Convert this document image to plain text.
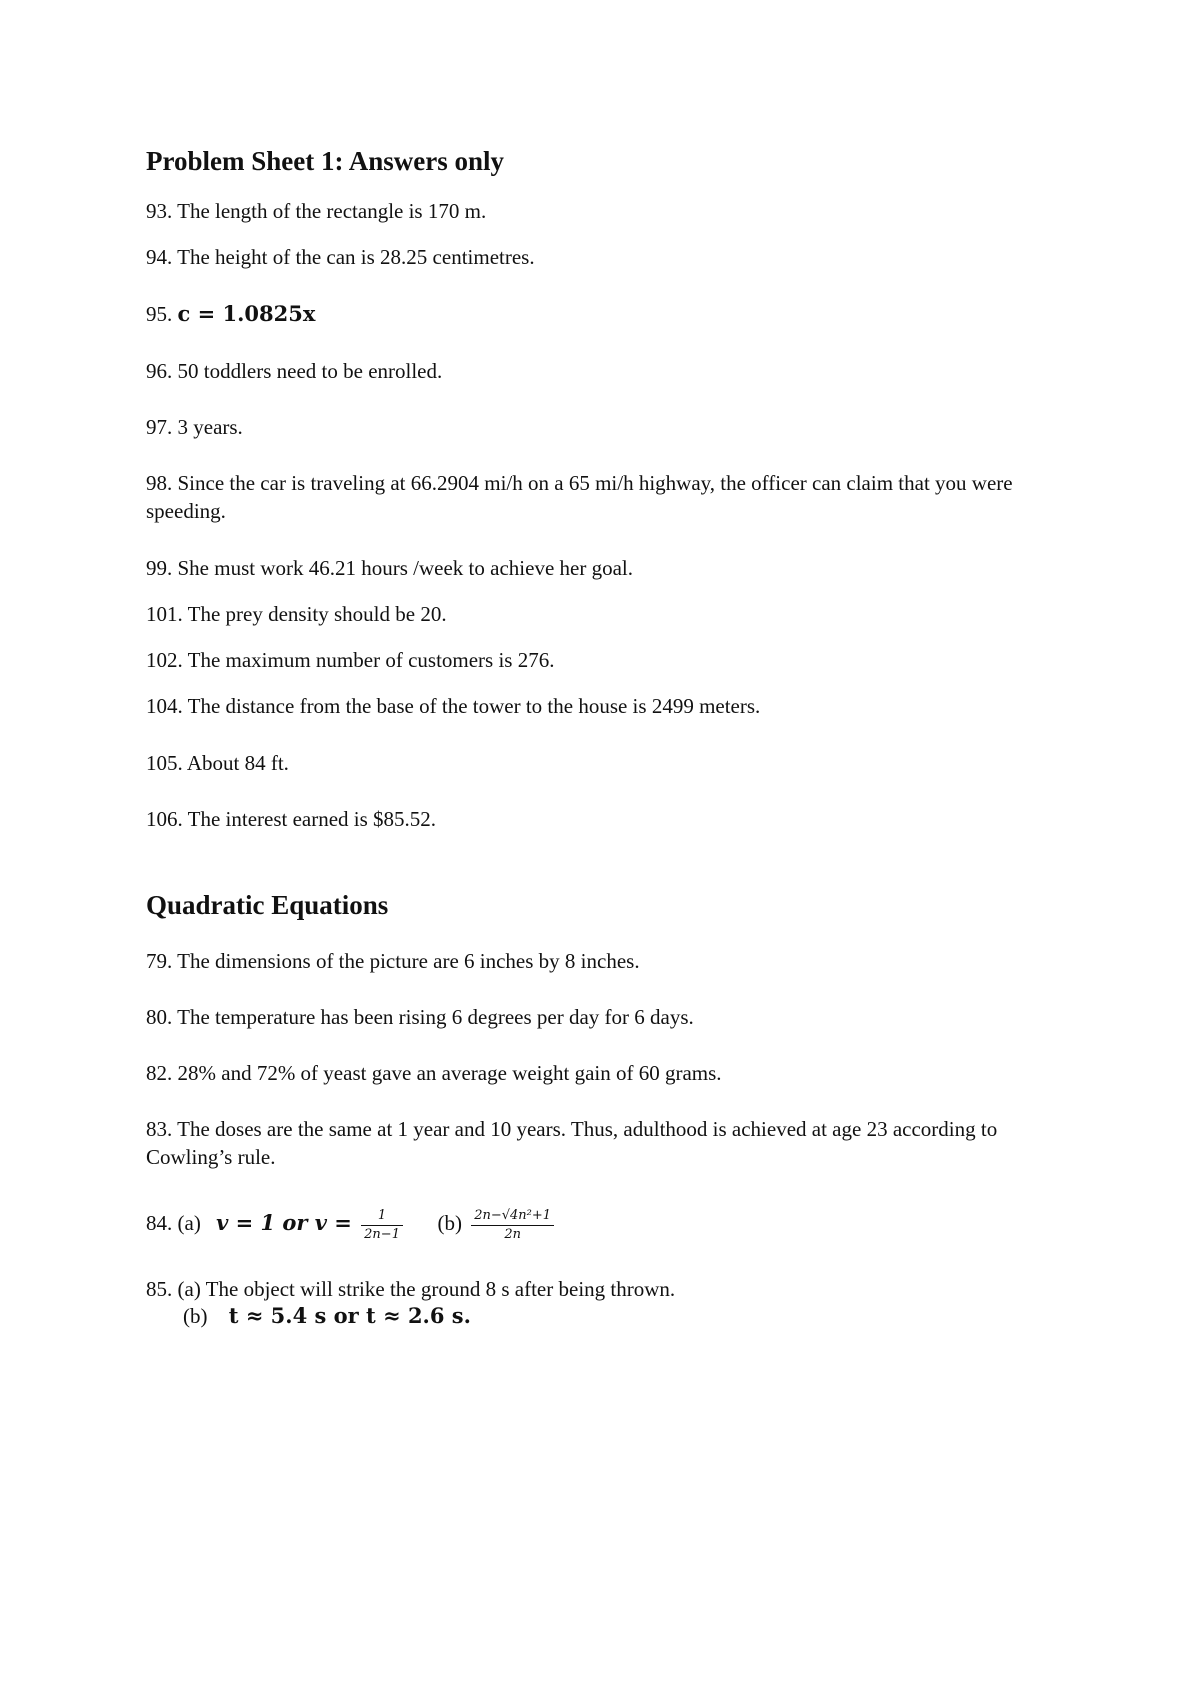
Problem Sheet 1: Answers only
93. The length of the rectangle is 170 m.
94. The height of the can is 28.25 centimetres.
95. c = 1.0825x
96. 50 toddlers need to be enrolled.
97. 3 years.
98. Since the car is traveling at 66.2904 mi/h on a 65 mi/h highway, the officer can claim that you were speeding.
99. She must work 46.21 hours /week to achieve her goal.
101. The prey density should be 20.
102. The maximum number of customers is 276.
104. The distance from the base of the tower to the house is 2499 meters.
105. About 84 ft.
106. The interest earned is $85.52.
Quadratic Equations
79. The dimensions of the picture are 6 inches by 8 inches.
80. The temperature has been rising 6 degrees per day for 6 days.
82. 28% and 72% of yeast gave an average weight gain of 60 grams.
83. The doses are the same at 1 year and 10 years. Thus, adulthood is achieved at age 23 according to Cowling’s rule.
84. (a) v = 1 or $v = \frac{1}{2n-1} (b) \frac{\text{2n−√4n²+1}}{2n}$
85. (a) The object will strike the ground 8 s after being thrown.
(b) t ≈ 5.4 s or t ≈ 2.6 s.
